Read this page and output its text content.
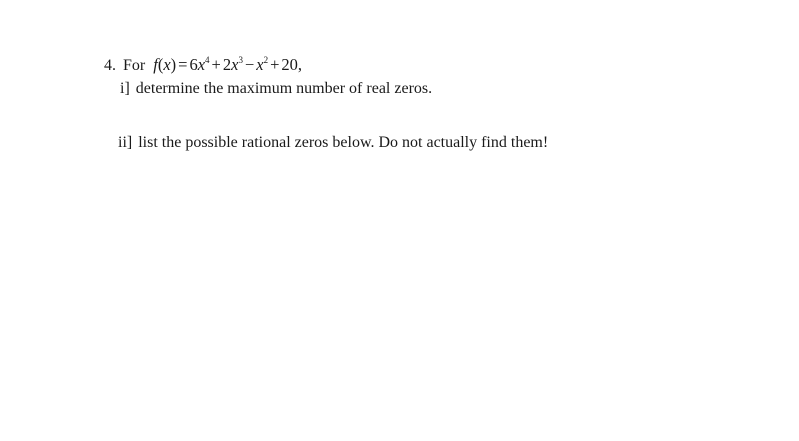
4. For $f(x) = 6x^4 + 2x^3 - x^2 + 20$,
i] determine the maximum number of real zeros.
ii] list the possible rational zeros below. Do not actually find them!
